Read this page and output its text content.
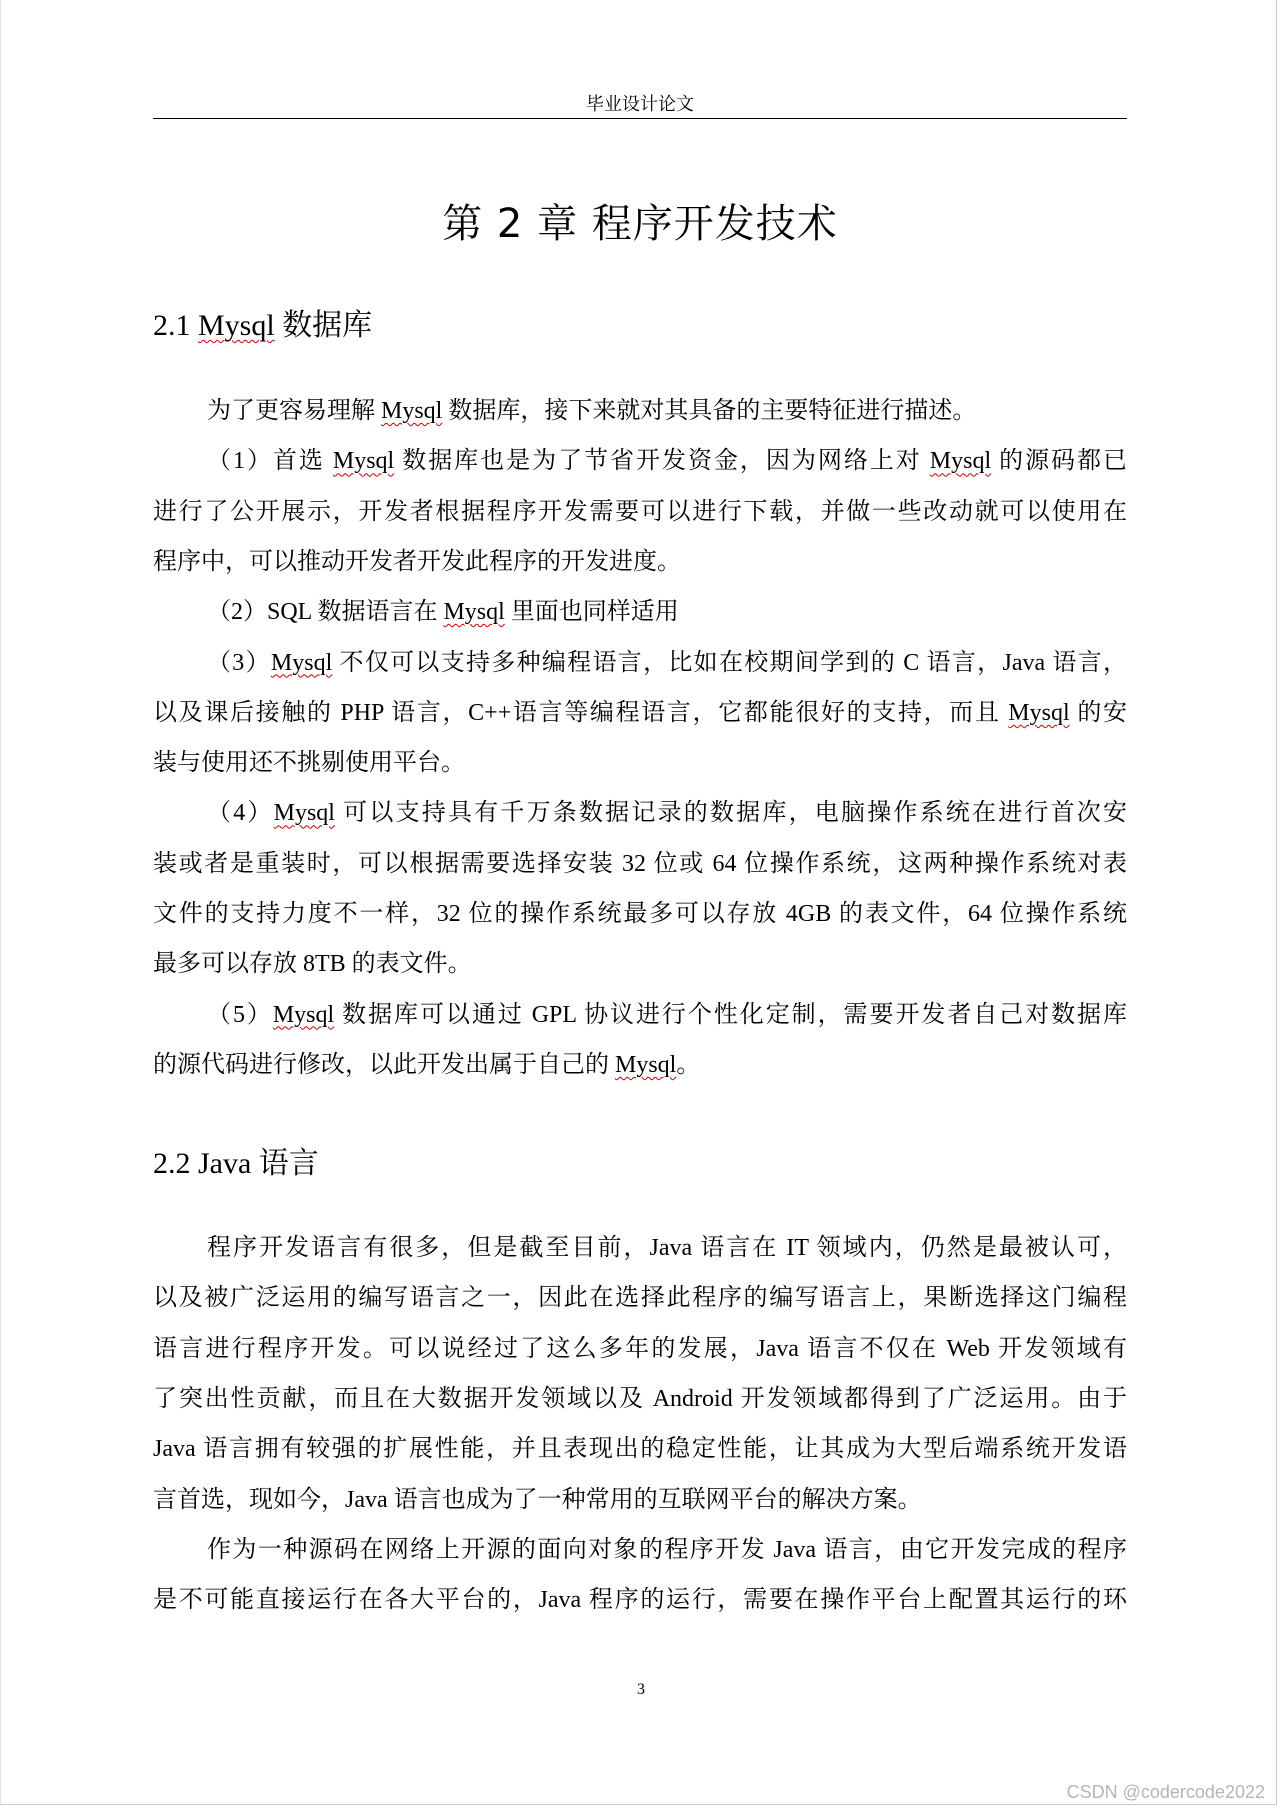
毕业设计论文
第 2 章 程序开发技术
2.1 Mysql 数据库
为了更容易理解 Mysql 数据库，接下来就对其具备的主要特征进行描述。
（1）首选 Mysql 数据库也是为了节省开发资金，因为网络上对 Mysql 的源码都已
进行了公开展示，开发者根据程序开发需要可以进行下载，并做一些改动就可以使用在
程序中，可以推动开发者开发此程序的开发进度。
（2）SQL 数据语言在 Mysql 里面也同样适用
（3）Mysql 不仅可以支持多种编程语言，比如在校期间学到的 C 语言，Java 语言，
以及课后接触的 PHP 语言，C++语言等编程语言，它都能很好的支持，而且 Mysql 的安
装与使用还不挑剔使用平台。
（4）Mysql 可以支持具有千万条数据记录的数据库，电脑操作系统在进行首次安
装或者是重装时，可以根据需要选择安装 32 位或 64 位操作系统，这两种操作系统对表
文件的支持力度不一样，32 位的操作系统最多可以存放 4GB 的表文件，64 位操作系统
最多可以存放 8TB 的表文件。
（5）Mysql 数据库可以通过 GPL 协议进行个性化定制，需要开发者自己对数据库
的源代码进行修改，以此开发出属于自己的 Mysql。
2.2 Java 语言
程序开发语言有很多，但是截至目前，Java 语言在 IT 领域内，仍然是最被认可，
以及被广泛运用的编写语言之一，因此在选择此程序的编写语言上，果断选择这门编程
语言进行程序开发。可以说经过了这么多年的发展，Java 语言不仅在 Web 开发领域有
了突出性贡献，而且在大数据开发领域以及 Android 开发领域都得到了广泛运用。由于
Java 语言拥有较强的扩展性能，并且表现出的稳定性能，让其成为大型后端系统开发语
言首选，现如今，Java 语言也成为了一种常用的互联网平台的解决方案。
作为一种源码在网络上开源的面向对象的程序开发 Java 语言，由它开发完成的程序
是不可能直接运行在各大平台的，Java 程序的运行，需要在操作平台上配置其运行的环
3
CSDN @codercode2022
